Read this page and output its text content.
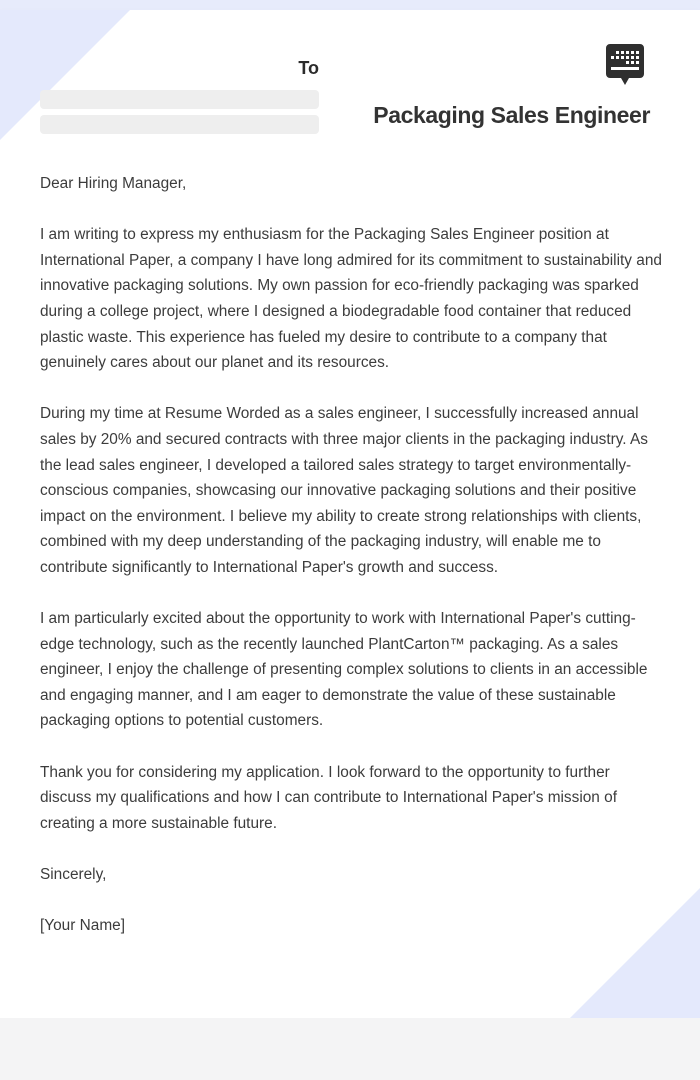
To
Packaging Sales Engineer

Dear Hiring Manager,

I am writing to express my enthusiasm for the Packaging Sales Engineer position at International Paper, a company I have long admired for its commitment to sustainability and innovative packaging solutions. My own passion for eco-friendly packaging was sparked during a college project, where I designed a biodegradable food container that reduced plastic waste. This experience has fueled my desire to contribute to a company that genuinely cares about our planet and its resources.

During my time at Resume Worded as a sales engineer, I successfully increased annual sales by 20% and secured contracts with three major clients in the packaging industry. As the lead sales engineer, I developed a tailored sales strategy to target environmentally-conscious companies, showcasing our innovative packaging solutions and their positive impact on the environment. I believe my ability to create strong relationships with clients, combined with my deep understanding of the packaging industry, will enable me to contribute significantly to International Paper's growth and success.

I am particularly excited about the opportunity to work with International Paper's cutting-edge technology, such as the recently launched PlantCarton™ packaging. As a sales engineer, I enjoy the challenge of presenting complex solutions to clients in an accessible and engaging manner, and I am eager to demonstrate the value of these sustainable packaging options to potential customers.

Thank you for considering my application. I look forward to the opportunity to further discuss my qualifications and how I can contribute to International Paper's mission of creating a more sustainable future.

Sincerely,

[Your Name]
